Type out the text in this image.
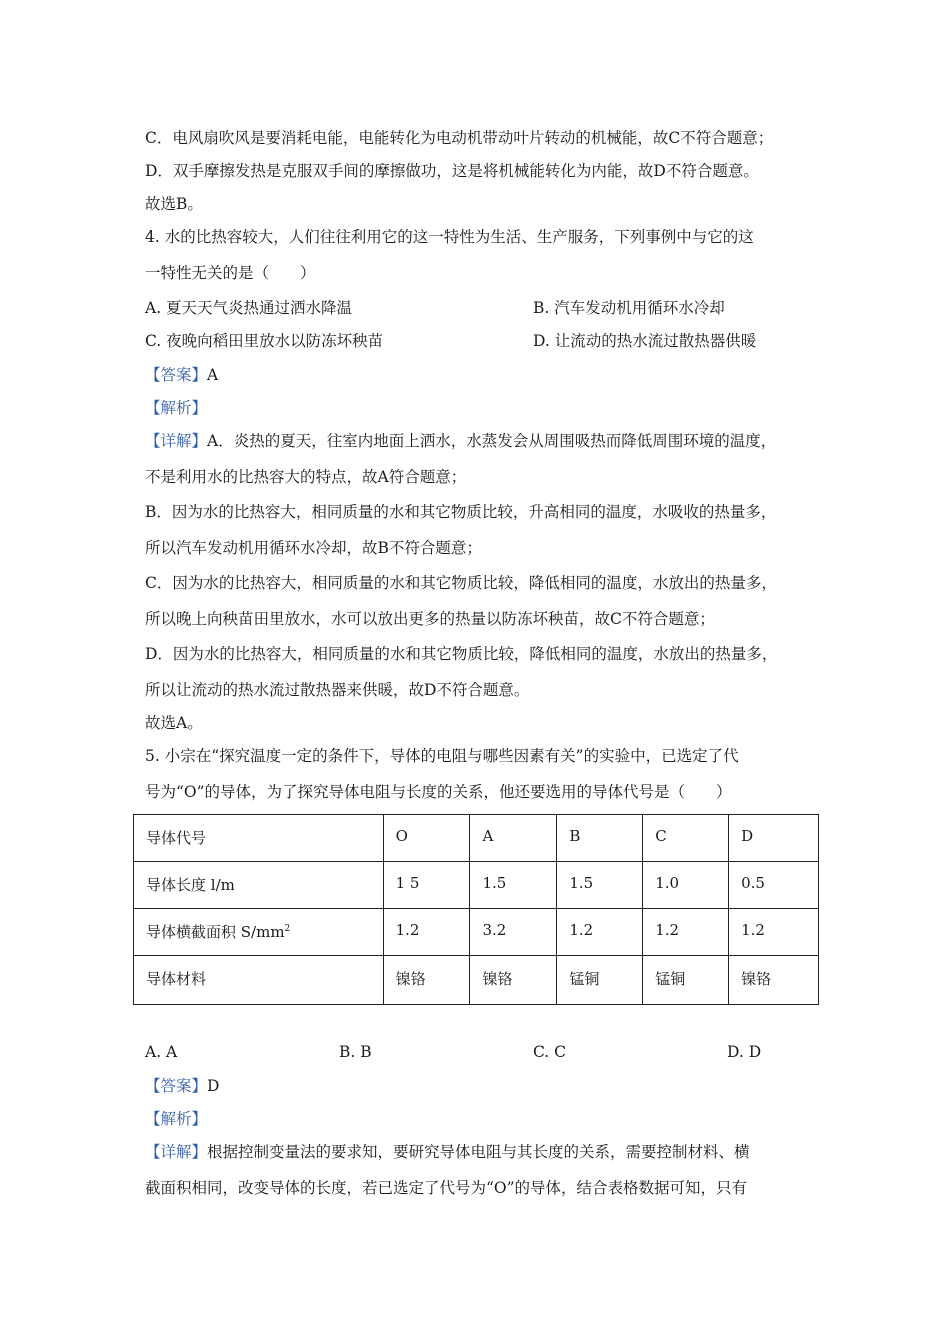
C．电风扇吹风是要消耗电能，电能转化为电动机带动叶片转动的机械能，故C不符合题意；
D．双手摩擦发热是克服双手间的摩擦做功，这是将机械能转化为内能，故D不符合题意。
故选B。
4. 水的比热容较大，人们往往利用它的这一特性为生活、生产服务，下列事例中与它的这
一特性无关的是（　　）
A. 夏天天气炎热通过洒水降温	B. 汽车发动机用循环水冷却
C. 夜晚向稻田里放水以防冻坏秧苗	D. 让流动的热水流过散热器供暖
【答案】A
【解析】
【详解】A．炎热的夏天，往室内地面上洒水，水蒸发会从周围吸热而降低周围环境的温度，
不是利用水的比热容大的特点，故A符合题意；
B．因为水的比热容大，相同质量的水和其它物质比较，升高相同的温度，水吸收的热量多，
所以汽车发动机用循环水冷却，故B不符合题意；
C．因为水的比热容大，相同质量的水和其它物质比较，降低相同的温度，水放出的热量多，
所以晚上向秧苗田里放水，水可以放出更多的热量以防冻坏秧苗，故C不符合题意；
D．因为水的比热容大，相同质量的水和其它物质比较，降低相同的温度，水放出的热量多，
所以让流动的热水流过散热器来供暖，故D不符合题意。
故选A。
5. 小宗在“探究温度一定的条件下，导体的电阻与哪些因素有关”的实验中，已选定了代
号为“O”的导体，为了探究导体电阻与长度的关系，他还要选用的导体代号是（　　）
导体代号	O	A	B	C	D
导体长度 l/m	1 5	1.5	1.5	1.0	0.5
导体横截面积 $S/mm^2$	1.2	3.2	1.2	1.2	1.2
导体材料	镍铬	镍铬	锰铜	锰铜	镍铬
A. A	B. B	C. C	D. D
【答案】D
【解析】
【详解】根据控制变量法的要求知，要研究导体电阻与其长度的关系，需要控制材料、横
截面积相同，改变导体的长度，若已选定了代号为“O”的导体，结合表格数据可知，只有
